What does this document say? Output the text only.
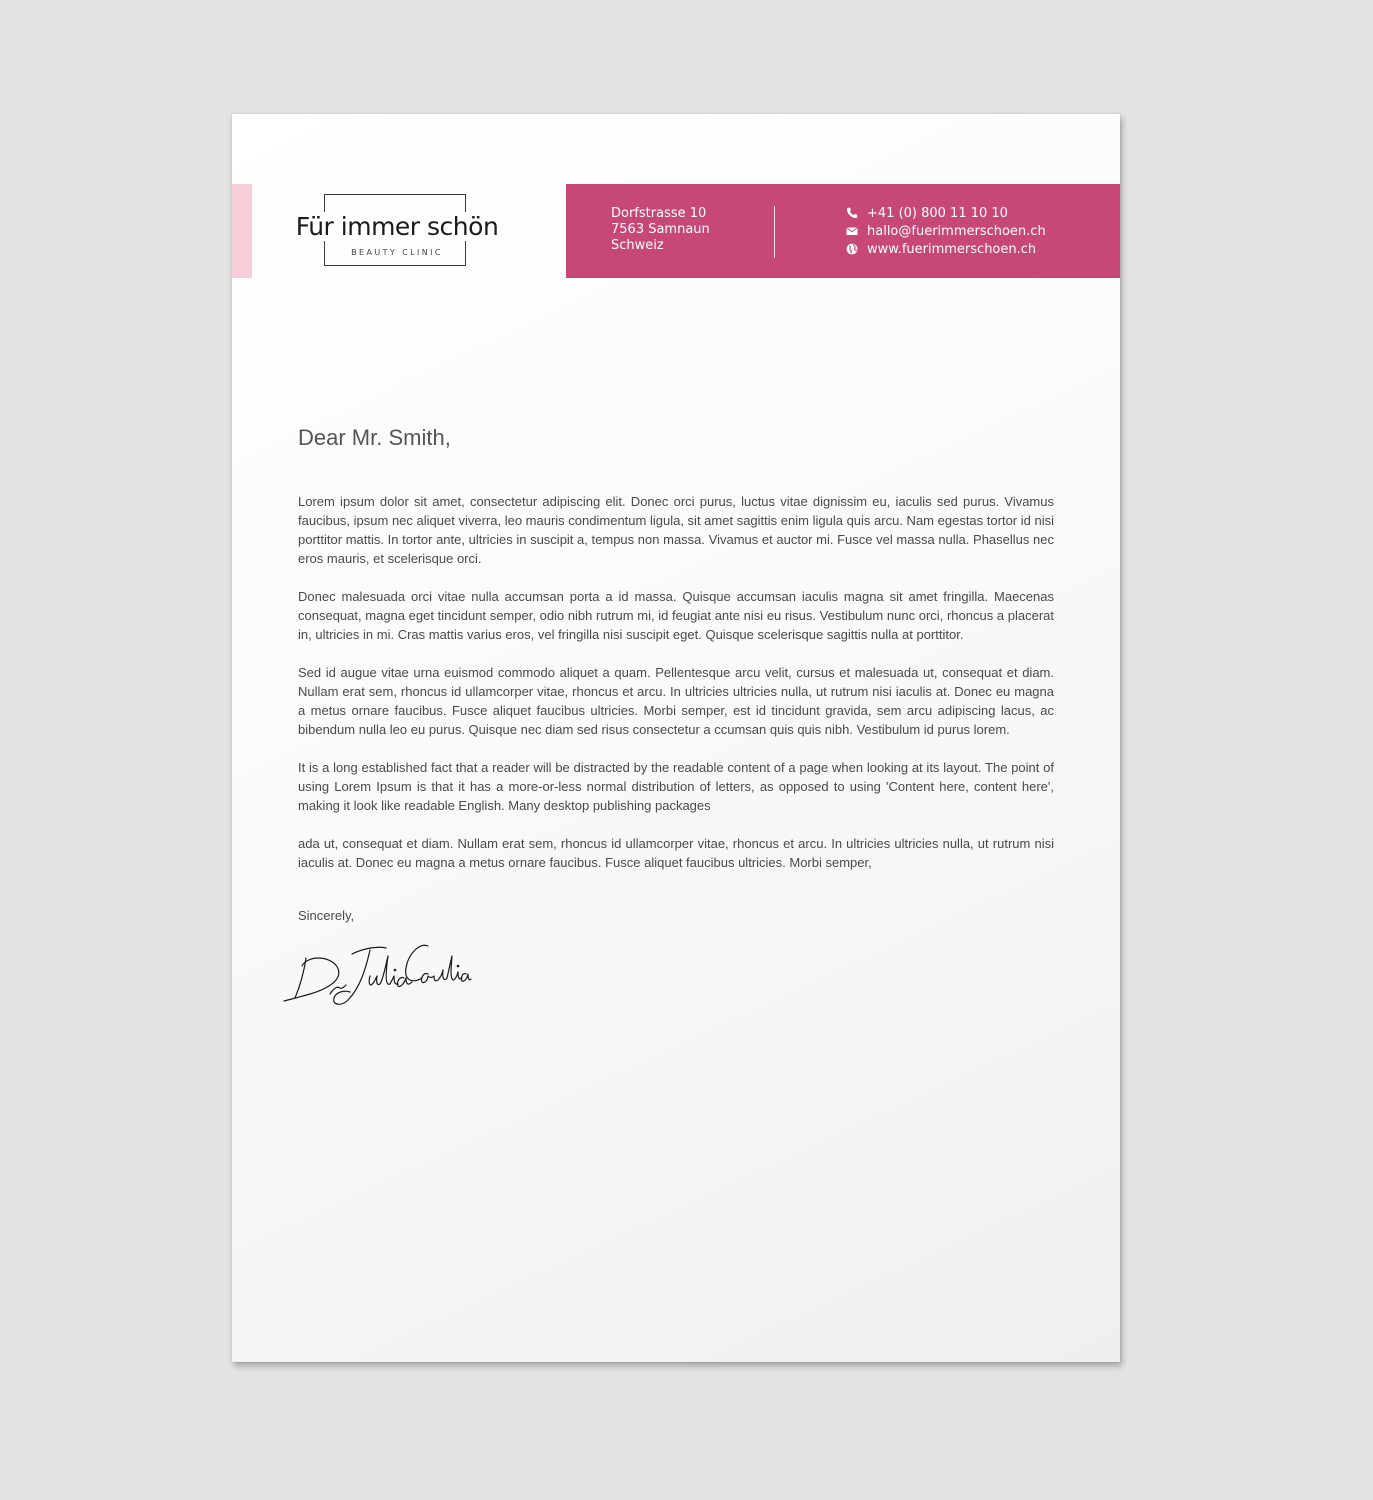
Für immer schön
BEAUTY CLINIC
Dorfstrasse 10
7563 Samnaun
Schweiz
+41 (0) 800 11 10 10
hallo@fuerimmerschoen.ch
www.fuerimmerschoen.ch
Dear Mr. Smith,

Lorem ipsum dolor sit amet, consectetur adipiscing elit. Donec orci purus, luctus vitae dignissim eu, iaculis sed purus. Vivamus faucibus, ipsum nec aliquet viverra, leo mauris condimentum ligula, sit amet sagittis enim ligula quis arcu. Nam egestas tortor id nisi porttitor mattis. In tortor ante, ultricies in suscipit a, tempus non massa. Vivamus et auctor mi. Fusce vel massa nulla. Phasellus nec eros mauris, et scelerisque orci.

Donec malesuada orci vitae nulla accumsan porta a id massa. Quisque accumsan iaculis magna sit amet fringilla. Maecenas consequat, magna eget tincidunt semper, odio nibh rutrum mi, id feugiat ante nisi eu risus. Vestibulum nunc orci, rhoncus a placerat in, ultricies in mi. Cras mattis varius eros, vel fringilla nisi suscipit eget. Quisque scelerisque sagittis nulla at porttitor.

Sed id augue vitae urna euismod commodo aliquet a quam. Pellentesque arcu velit, cursus et malesuada ut, consequat et diam. Nullam erat sem, rhoncus id ullamcorper vitae, rhoncus et arcu. In ultricies ultricies nulla, ut rutrum nisi iaculis at. Donec eu magna a metus ornare faucibus. Fusce aliquet faucibus ultricies. Morbi semper, est id tincidunt gravida, sem arcu adipiscing lacus, ac bibendum nulla leo eu purus. Quisque nec diam sed risus consectetur a ccumsan quis quis nibh. Vestibulum id purus lorem.

It is a long established fact that a reader will be distracted by the readable content of a page when looking at its layout. The point of using Lorem Ipsum is that it has a more-or-less normal distribution of letters, as opposed to using 'Content here, content here', making it look like readable English. Many desktop publishing packages

ada ut, consequat et diam. Nullam erat sem, rhoncus id ullamcorper vitae, rhoncus et arcu. In ultricies ultricies nulla, ut rutrum nisi iaculis at. Donec eu magna a metus ornare faucibus. Fusce aliquet faucibus ultricies. Morbi semper,

Sincerely,
